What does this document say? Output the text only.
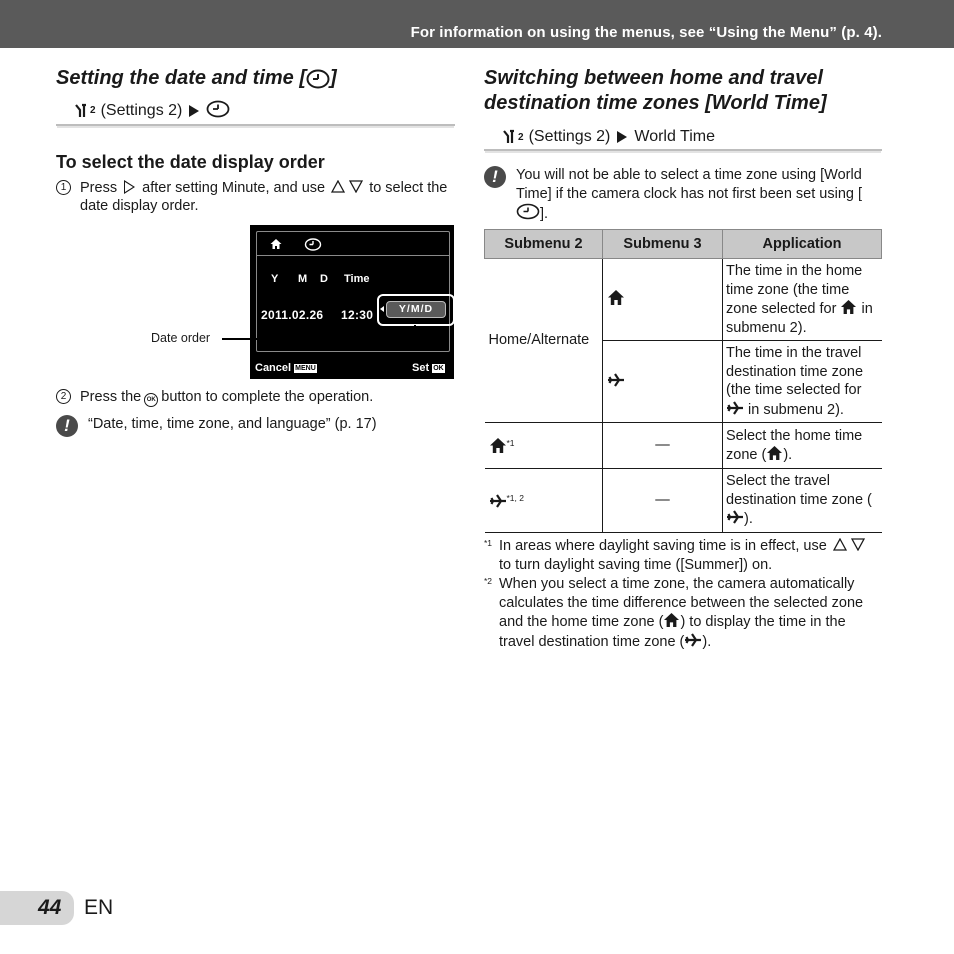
For information on using the menus, see “Using the Menu” (p. 4).
Setting the date and time [ ]
2 (Settings 2)
To select the date display order
1 Press after setting Minute, and use	to select the date display order.
Y M D Time
2011.02.26 12:30	Y/M/D
Cancel MENU	Set OK
Date order
2 Press the OK button to complete the operation.
!	“Date, time, time zone, and language” (p. 17)
Switching between home and travel
destination time zones [World Time]
2 (Settings 2) World Time
!	You will not be able to select a time zone using [World Time] if the camera clock has not first been set using [].
Submenu 2	Submenu 3	Application
Home/Alternate		The time in the home time zone (the time zone selected for in submenu 2).
	The time in the travel destination time zone (the time selected for  in submenu 2).
$^{*1}$	—	Select the home time zone ( ).
$^{*1, 2}$	—	Select the travel destination time zone ().
*1 In areas where daylight saving time is in effect, use  to turn daylight saving time ([Summer]) on.
*2 When you select a time zone, the camera automatically calculates the time difference between the selected zone and the home time zone ( ) to display the time in the travel destination time zone ( ).
44 EN
